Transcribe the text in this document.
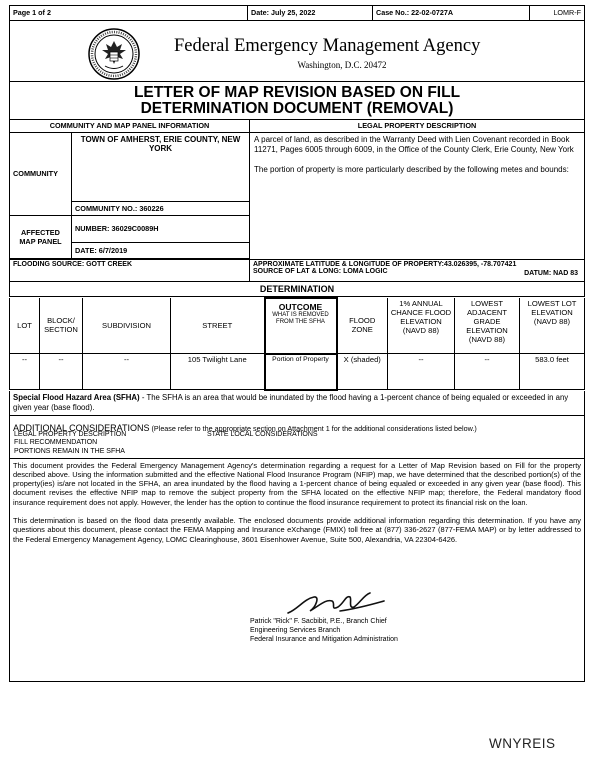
Page 1 of 2	Date: July 25, 2022	Case No.: 22-02-0727A	LOMR-F
Federal Emergency Management Agency
Washington, D.C. 20472
LETTER OF MAP REVISION BASED ON FILL
DETERMINATION DOCUMENT (REMOVAL)
COMMUNITY AND MAP PANEL INFORMATION		LEGAL PROPERTY DESCRIPTION
COMMUNITY	TOWN OF AMHERST, ERIE COUNTY, NEW YORK	A parcel of land, as described in the Warranty Deed with Lien Covenant recorded in Book 11271, Pages 6005 through 6009, in the Office of the County Clerk, Erie County, New York
The portion of property is more particularly described by the following metes and bounds:

	COMMUNITY NO.: 360226	
AFFECTED MAP PANEL	NUMBER: 36029C0089H	
	DATE: 6/7/2019	

FLOODING SOURCE: GOTT CREEK		APPROXIMATE LATITUDE & LONGITUDE OF PROPERTY:43.026395, -78.707421
SOURCE OF LAT & LONG: LOMA LOGIC DATUM: NAD 83
DETERMINATION
LOT	BLOCK/ SECTION	SUBDIVISION	STREET	OUTCOME
WHAT IS REMOVED FROM THE SFHA	FLOOD ZONE	1% ANNUAL CHANCE FLOOD ELEVATION (NAVD 88)	LOWEST ADJACENT GRADE ELEVATION (NAVD 88)	LOWEST LOT ELEVATION (NAVD 88)
--	--	--	105 Twilight Lane	Portion of Property	X (shaded)	--	--	583.0 feet
Special Flood Hazard Area (SFHA) - The SFHA is an area that would be inundated by the flood having a 1-percent chance of being equaled or exceeded in any given year (base flood).
ADDITIONAL CONSIDERATIONS (Please refer to the appropriate section on Attachment 1 for the additional considerations listed below.)
LEGAL PROPERTY DESCRIPTION
FILL RECOMMENDATION
PORTIONS REMAIN IN THE SFHA
STATE LOCAL CONSIDERATIONS

This document provides the Federal Emergency Management Agency's determination regarding a request for a Letter of Map Revision based on Fill for the property described above. Using the information submitted and the effective National Flood Insurance Program (NFIP) map, we have determined that the described portion(s) of the property(ies) is/are not located in the SFHA, an area inundated by the flood having a 1-percent chance of being equaled or exceeded in any given year (base flood). This document revises the effective NFIP map to remove the subject property from the SFHA located on the effective NFIP map; therefore, the Federal mandatory flood insurance requirement does not apply. However, the lender has the option to continue the flood insurance requirement to protect its financial risk on the loan.

This determination is based on the flood data presently available. The enclosed documents provide additional information regarding this determination. If you have any questions about this document, please contact the FEMA Mapping and Insurance eXchange (FMIX) toll free at (877) 336-2627 (877-FEMA MAP) or by letter addressed to the Federal Emergency Management Agency, LOMC Clearinghouse, 3601 Eisenhower Avenue, Suite 500, Alexandria, VA 22304-6426.

Patrick "Rick" F. Sacbibit, P.E., Branch Chief
Engineering Services Branch
Federal Insurance and Mitigation Administration
WNYREIS
